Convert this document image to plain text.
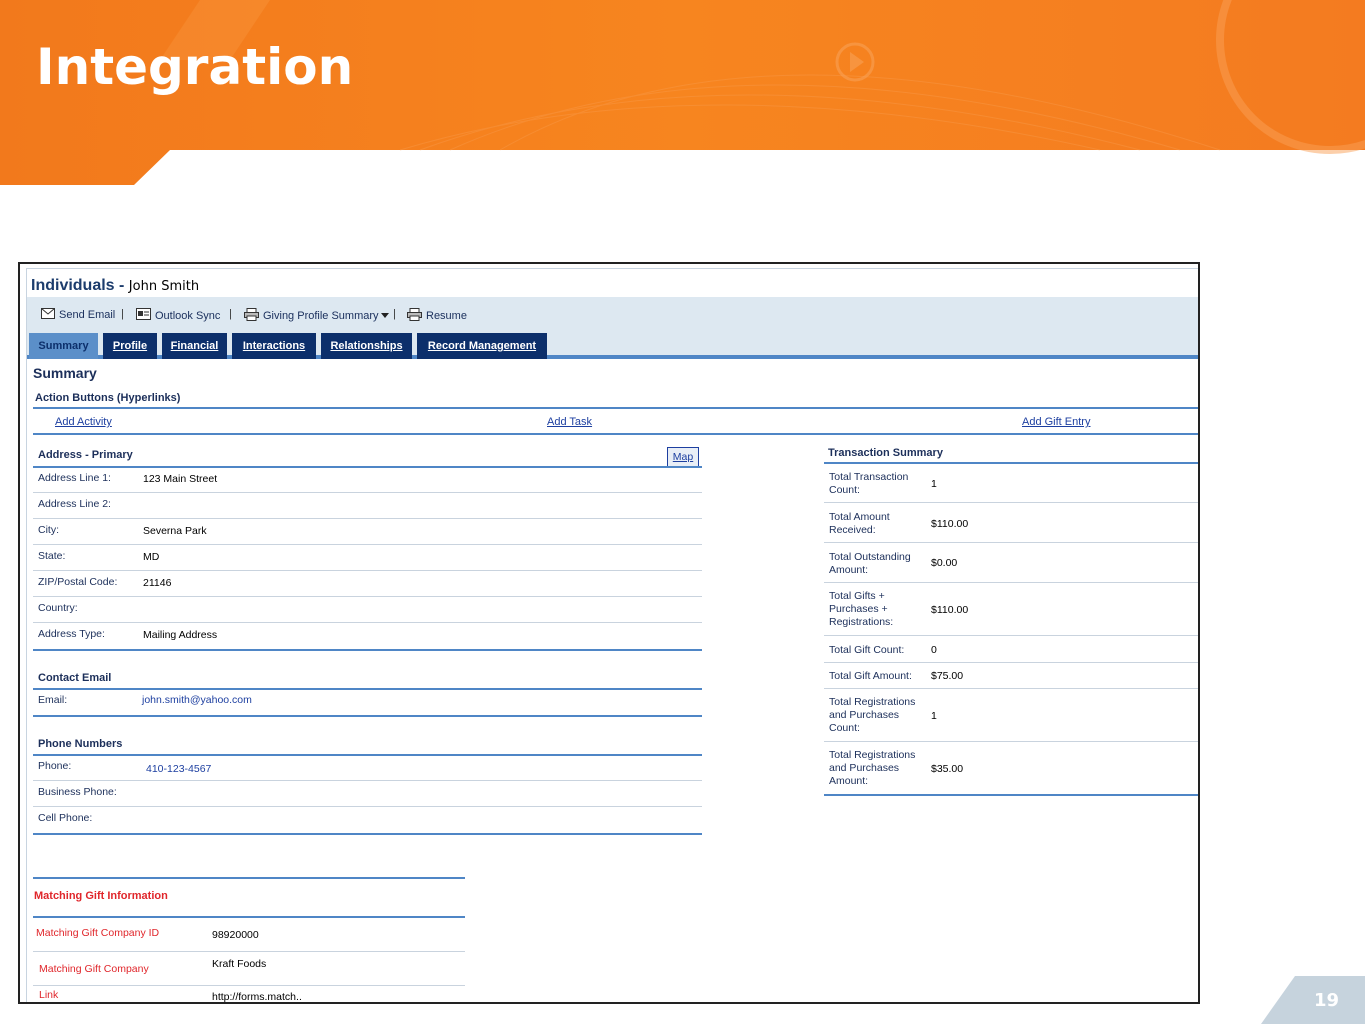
Integration
Individuals - John Smith
Send Email |	Outlook Sync |	Giving Profile Summary |	Resume
Summary	Profile	Financial	Interactions	Relationships	Record Management
Summary
Action Buttons (Hyperlinks)
Add Activity	Add Task	Add Gift Entry
Address - Primary	Map
Address Line 1:	123 Main Street
Address Line 2:
City:	Severna Park
State:	MD
ZIP/Postal Code: 21146
Country:
Address Type:	Mailing Address
Contact Email
Email:	john.smith@yahoo.com
Phone Numbers
Phone:	410-123-4567
Business Phone:
Cell Phone:
Matching Gift Information
Matching Gift Company ID	98920000
Matching Gift Company	Kraft Foods
Link	http://forms.match..
Transaction Summary
Total Transaction Count:	1
Total Amount Received:	$110.00
Total Outstanding Amount:
$0.00
Total Gifts + Purchases + Registrations:
$110.00
Total Gift Count:	0
Total Gift Amount:	$75.00
Total Registrations and Purchases Count:
1
Total Registrations and Purchases Amount:
$35.00
19
